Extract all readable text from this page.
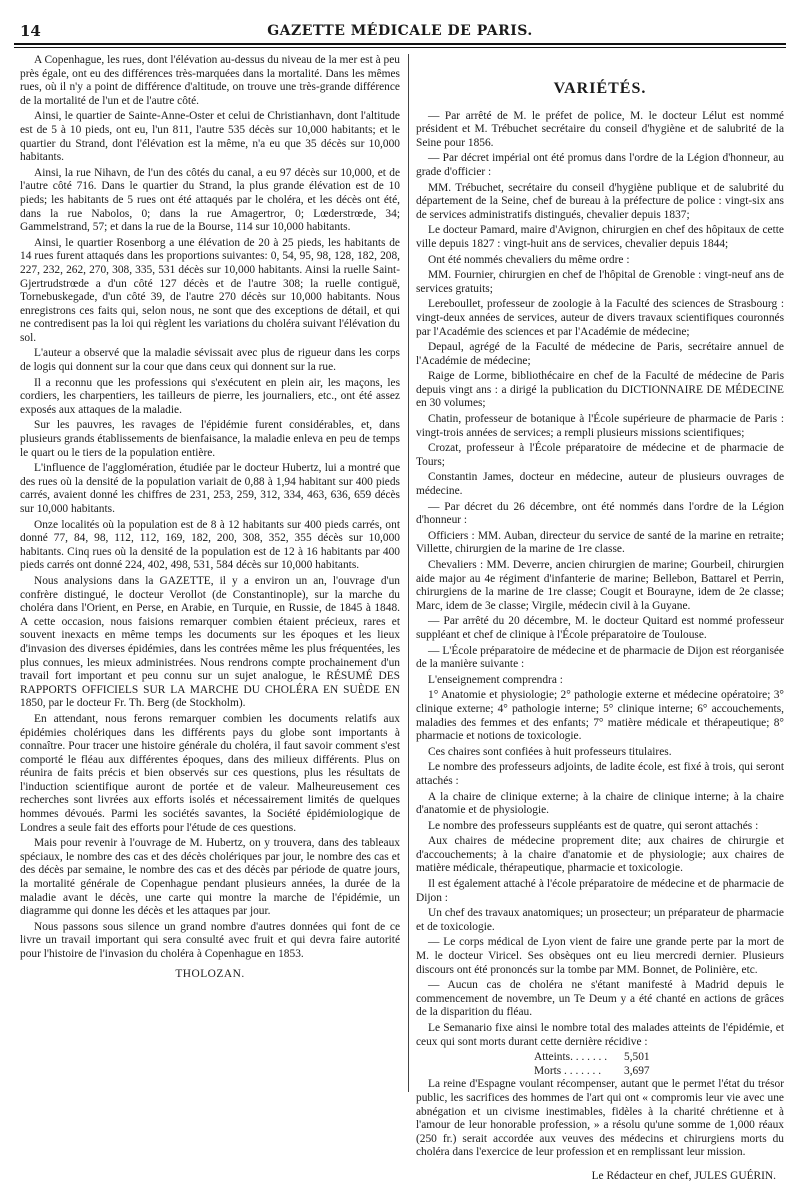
14	GAZETTE MÉDICALE DE PARIS.

A Copenhague, les rues, dont l'élévation au-dessus du niveau de la mer est à peu près égale, ont eu des différences très-marquées dans la mortalité. Dans les mêmes rues, où il n'y a point de différence d'altitude, on trouve une très-grande différence de la mortalité de l'un et de l'autre côté.

Ainsi, le quartier de Sainte-Anne-Oster et celui de Christianhavn, dont l'altitude est de 5 à 10 pieds, ont eu, l'un 811, l'autre 535 décès sur 10,000 habitants; et le quartier du Strand, dont l'élévation est la même, n'a eu que 35 décès sur 10,000 habitants.

Ainsi, la rue Nihavn, de l'un des côtés du canal, a eu 97 décès sur 10,000, et de l'autre côté 716. Dans le quartier du Strand, la plus grande élévation est de 10 pieds; les habitants de 5 rues ont été attaqués par le choléra, et les décès ont été, dans la rue Nabolos, 0; dans la rue Amagertror, 0; Lœderstrœde, 34; Gammelstrand, 57; et dans la rue de la Bourse, 114 sur 10,000 habitants.

Ainsi, le quartier Rosenborg a une élévation de 20 à 25 pieds, les habitants de 14 rues furent attaqués dans les proportions suivantes: 0, 54, 95, 98, 128, 182, 208, 227, 232, 262, 270, 308, 335, 531 décès sur 10,000 habitants. Ainsi la ruelle Saint-Gjertrudstrœde a d'un côté 127 décès et de l'autre 308; la ruelle contiguë, Tornebuskegade, d'un côté 39, de l'autre 270 décès sur 10,000 habitants. Nous enregistrons ces faits qui, selon nous, ne sont que des exceptions de détail, et qui ne contredisent pas la loi qui règlent les variations du choléra suivant l'élévation du sol.

L'auteur a observé que la maladie sévissait avec plus de rigueur dans les corps de logis qui donnent sur la cour que dans ceux qui donnent sur la rue.

Il a reconnu que les professions qui s'exécutent en plein air, les maçons, les cordiers, les charpentiers, les tailleurs de pierre, les journaliers, etc., ont été assez exposés aux attaques de la maladie.

Sur les pauvres, les ravages de l'épidémie furent considérables, et, dans plusieurs grands établissements de bienfaisance, la maladie enleva en peu de temps le quart ou le tiers de la population entière.

L'influence de l'agglomération, étudiée par le docteur Hubertz, lui a montré que des rues où la densité de la population variait de 0,88 à 1,94 habitant sur 400 pieds carrés, avaient donné les chiffres de 231, 253, 259, 312, 334, 463, 636, 659 décès sur 10,000 habitants.

Onze localités où la population est de 8 à 12 habitants sur 400 pieds carrés, ont donné 77, 84, 98, 112, 112, 169, 182, 200, 308, 352, 355 décès sur 10,000 habitants. Cinq rues où la densité de la population est de 12 à 16 habitants par 400 pieds carrés ont donné 224, 402, 498, 531, 584 décès sur 10,000 habitants.

Nous analysions dans la GAZETTE, il y a environ un an, l'ouvrage d'un confrère distingué, le docteur Verollot (de Constantinople), sur la marche du choléra dans l'Orient, en Perse, en Arabie, en Turquie, en Russie, de 1845 à 1848. A cette occasion, nous faisions remarquer combien étaient précieux, rares et souvent inexacts en même temps les documents sur les époques et les lieux d'invasion des diverses épidémies, dans les contrées même les plus fréquentées, les plus connues, les mieux administrées. Nous rendrons compte prochainement d'un travail fort important et peu connu sur un sujet analogue, le RÉSUMÉ DES RAPPORTS OFFICIELS SUR LA MARCHE DU CHOLÉRA EN SUÈDE EN 1850, par le docteur Fr. Th. Berg (de Stockholm).

En attendant, nous ferons remarquer combien les documents relatifs aux épidémies cholériques dans les différents pays du globe sont importants à connaître. Pour tracer une histoire générale du choléra, il faut savoir comment s'est comporté le fléau aux différentes époques, dans des milieux différents. Plus on réunira de faits précis et bien observés sur ces questions, plus les résultats de l'induction scientifique auront de portée et de valeur. Malheureusement ces recherches sont livrées aux efforts isolés et nécessairement limités de quelques hommes dévoués. Parmi les sociétés savantes, la Société épidémiologique de Londres a seule fait des efforts pour l'étude de ces questions.

Mais pour revenir à l'ouvrage de M. Hubertz, on y trouvera, dans des tableaux spéciaux, le nombre des cas et des décès cholériques par jour, le nombre des cas et des décès par semaine, le nombre des cas et des décès par période de quatre jours, la mortalité générale de Copenhague pendant plusieurs années, la durée de la maladie avant le décès, une carte qui montre la marche de l'épidémie, un diagramme qui donne les décès et les attaques par jour.

Nous passons sous silence un grand nombre d'autres données qui font de ce livre un travail important qui sera consulté avec fruit et qui devra faire autorité pour l'histoire de l'invasion du choléra à Copenhague en 1853.

THOLOZAN.
VARIÉTÉS.

— Par arrêté de M. le préfet de police, M. le docteur Lélut est nommé président et M. Trébuchet secrétaire du conseil d'hygiène et de salubrité de la Seine pour 1856.

— Par décret impérial ont été promus dans l'ordre de la Légion d'honneur, au grade d'officier :

MM. Trébuchet, secrétaire du conseil d'hygiène publique et de salubrité du département de la Seine, chef de bureau à la préfecture de police : vingt-six ans de services administratifs distingués, chevalier depuis 1837;

Le docteur Pamard, maire d'Avignon, chirurgien en chef des hôpitaux de cette ville depuis 1827 : vingt-huit ans de services, chevalier depuis 1844;

Ont été nommés chevaliers du même ordre :

MM. Fournier, chirurgien en chef de l'hôpital de Grenoble : vingt-neuf ans de services gratuits;

Lereboullet, professeur de zoologie à la Faculté des sciences de Strasbourg : vingt-deux années de services, auteur de divers travaux scientifiques couronnés par l'Académie des sciences et par l'Académie de médecine;

Depaul, agrégé de la Faculté de médecine de Paris, secrétaire annuel de l'Académie de médecine;

Raige de Lorme, bibliothécaire en chef de la Faculté de médecine de Paris depuis vingt ans : a dirigé la publication du DICTIONNAIRE DE MÉDECINE en 30 volumes;

Chatin, professeur de botanique à l'École supérieure de pharmacie de Paris : vingt-trois années de services; a rempli plusieurs missions scientifiques;

Crozat, professeur à l'École préparatoire de médecine et de pharmacie de Tours;

Constantin James, docteur en médecine, auteur de plusieurs ouvrages de médecine.

— Par décret du 26 décembre, ont été nommés dans l'ordre de la Légion d'honneur :

Officiers : MM. Auban, directeur du service de santé de la marine en retraite; Villette, chirurgien de la marine de 1re classe.

Chevaliers : MM. Deverre, ancien chirurgien de marine; Gourbeil, chirurgien aide major au 4e régiment d'infanterie de marine; Bellebon, Battarel et Perrin, chirurgiens de la marine de 1re classe; Cougit et Bourayne, idem de 2e classe; Marc, idem de 3e classe; Virgile, médecin civil à la Guyane.

— Par arrêté du 20 décembre, M. le docteur Quitard est nommé professeur suppléant et chef de clinique à l'École préparatoire de Toulouse.

— L'École préparatoire de médecine et de pharmacie de Dijon est réorganisée de la manière suivante :

L'enseignement comprendra :

1° Anatomie et physiologie; 2° pathologie externe et médecine opératoire; 3° clinique externe; 4° pathologie interne; 5° clinique interne; 6° accouchements, maladies des femmes et des enfants; 7° matière médicale et thérapeutique; 8° pharmacie et notions de toxicologie.

Ces chaires sont confiées à huit professeurs titulaires.

Le nombre des professeurs adjoints, de ladite école, est fixé à trois, qui seront attachés :

A la chaire de clinique externe; à la chaire de clinique interne; à la chaire d'anatomie et de physiologie.

Le nombre des professeurs suppléants est de quatre, qui seront attachés :

Aux chaires de médecine proprement dite; aux chaires de chirurgie et d'accouchements; à la chaire d'anatomie et de physiologie; aux chaires de matière médicale, thérapeutique, pharmacie et toxicologie.

Il est également attaché à l'école préparatoire de médecine et de pharmacie de Dijon :

Un chef des travaux anatomiques; un prosecteur; un préparateur de pharmacie et de toxicologie.

— Le corps médical de Lyon vient de faire une grande perte par la mort de M. le docteur Viricel. Ses obsèques ont eu lieu mercredi dernier. Plusieurs discours ont été prononcés sur la tombe par MM. Bonnet, de Polinière, etc.

— Aucun cas de choléra ne s'étant manifesté à Madrid depuis le commencement de novembre, un Te Deum y a été chanté en actions de grâces de la disparition du fléau.

Le Semanario fixe ainsi le nombre total des malades atteints de l'épidémie, et ceux qui sont morts durant cette dernière récidive :

Atteints. . . . . . .	5,501
Morts . . . . . . .	3,697

La reine d'Espagne voulant récompenser, autant que le permet l'état du trésor public, les sacrifices des hommes de l'art qui ont « compromis leur vie avec une abnégation et un civisme inestimables, fidèles à la charité chrétienne et à l'amour de leur honorable profession, » a résolu qu'une somme de 1,000 réaux (250 fr.) serait accordée aux veuves des médecins et chirurgiens morts du choléra dans l'exercice de leur profession et en remplissant leur mission.

Le Rédacteur en chef, JULES GUÉRIN.
